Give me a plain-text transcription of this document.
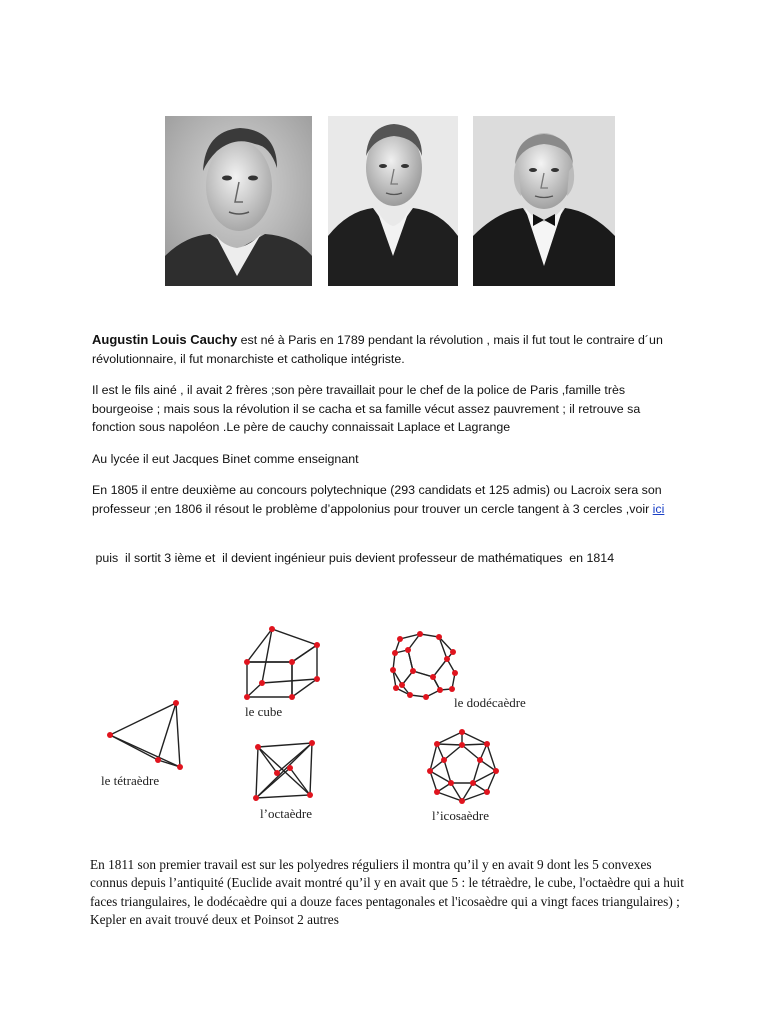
Augustin Louis Cauchy est né à Paris en 1789 pendant la révolution , mais il fut tout le contraire d´un révolutionnaire, il fut monarchiste et catholique intégriste.

Il est le fils ainé , il avait 2 frères ;son père travaillait pour le chef de la police de Paris ,famille très bourgeoise ; mais sous la révolution il se cacha et sa famille vécut assez pauvrement ; il retrouve sa fonction sous napoléon .Le père de cauchy connaissait Laplace et Lagrange

Au lycée il eut Jacques Binet comme enseignant

En 1805 il entre deuxième au concours polytechnique (293 candidats et 125 admis) ou Lacroix sera son professeur ;en 1806 il résout le problème d’appolonius pour trouver un cercle tangent à 3 cercles ,voir ici

puis  il sortit 3 ième et  il devient ingénieur puis devient professeur de mathématiques  en 1814

le cube
le dodécaèdre
le tétraèdre
l’octaèdre	l’icosaèdre
En 1811 son premier travail est sur les polyedres réguliers il montra qu’il y en avait 9 dont les 5 convexes connus depuis l’antiquité (Euclide avait montré qu’il y en avait que 5 : le tétraèdre, le cube, l'octaèdre qui a huit faces triangulaires, le dodécaèdre qui a douze faces pentagonales et l'icosaèdre qui a vingt faces triangulaires) ; Kepler en avait trouvé deux et Poinsot 2 autres
